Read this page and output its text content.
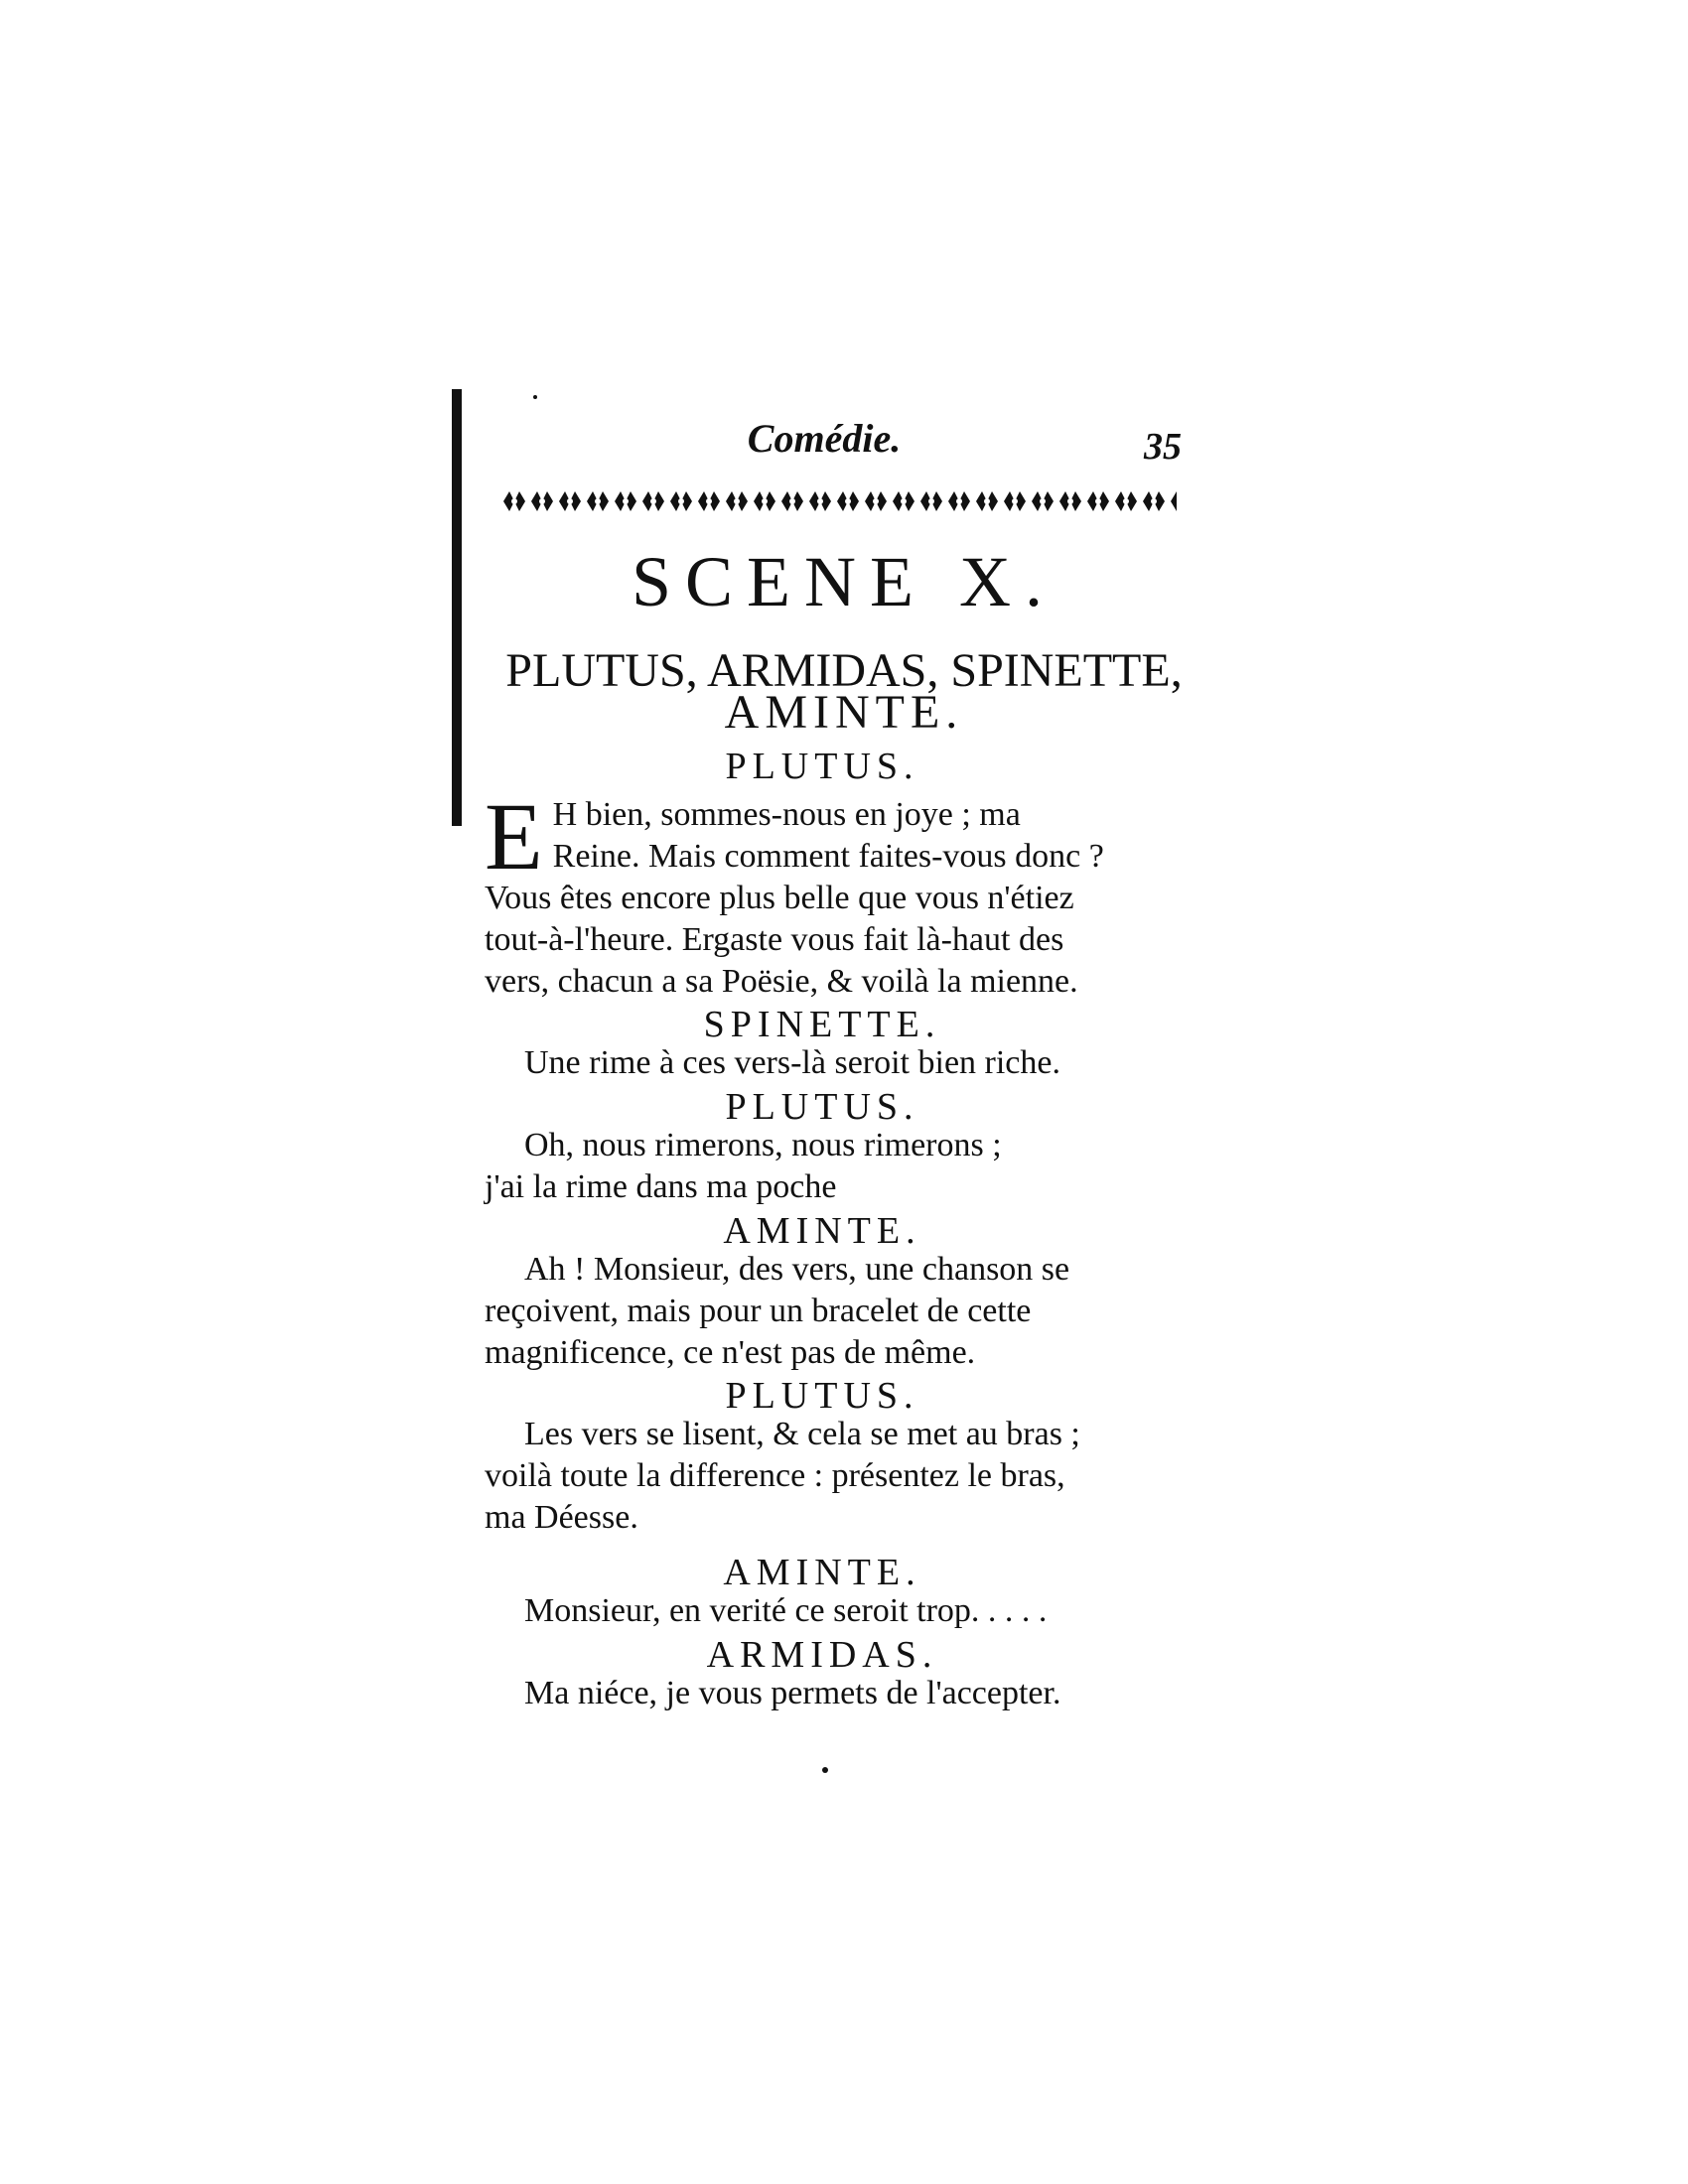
Comédie.	35
SCENE X.
PLUTUS, ARMIDAS, SPINETTE,
AMINTE.
PLUTUS.
E H bien, sommes-nous en joye ; ma

Reine. Mais comment faites-vous donc ?

Vous êtes encore plus belle que vous n'étiez

tout-à-l'heure. Ergaste vous fait là-haut des

vers, chacun a sa Poësie, & voilà la mienne.

SPINETTE.

Une rime à ces vers-là seroit bien riche.

PLUTUS.

Oh, nous rimerons, nous rimerons ;

j'ai la rime dans ma poche

AMINTE.

Ah ! Monsieur, des vers, une chanson se

reçoivent, mais pour un bracelet de cette

magnificence, ce n'est pas de même.

PLUTUS.

Les vers se lisent, & cela se met au bras ;

voilà toute la difference : présentez le bras,

ma Déesse.

AMINTE.

Monsieur, en verité ce seroit trop. . . . .

ARMIDAS.

Ma niéce, je vous permets de l'accepter.
